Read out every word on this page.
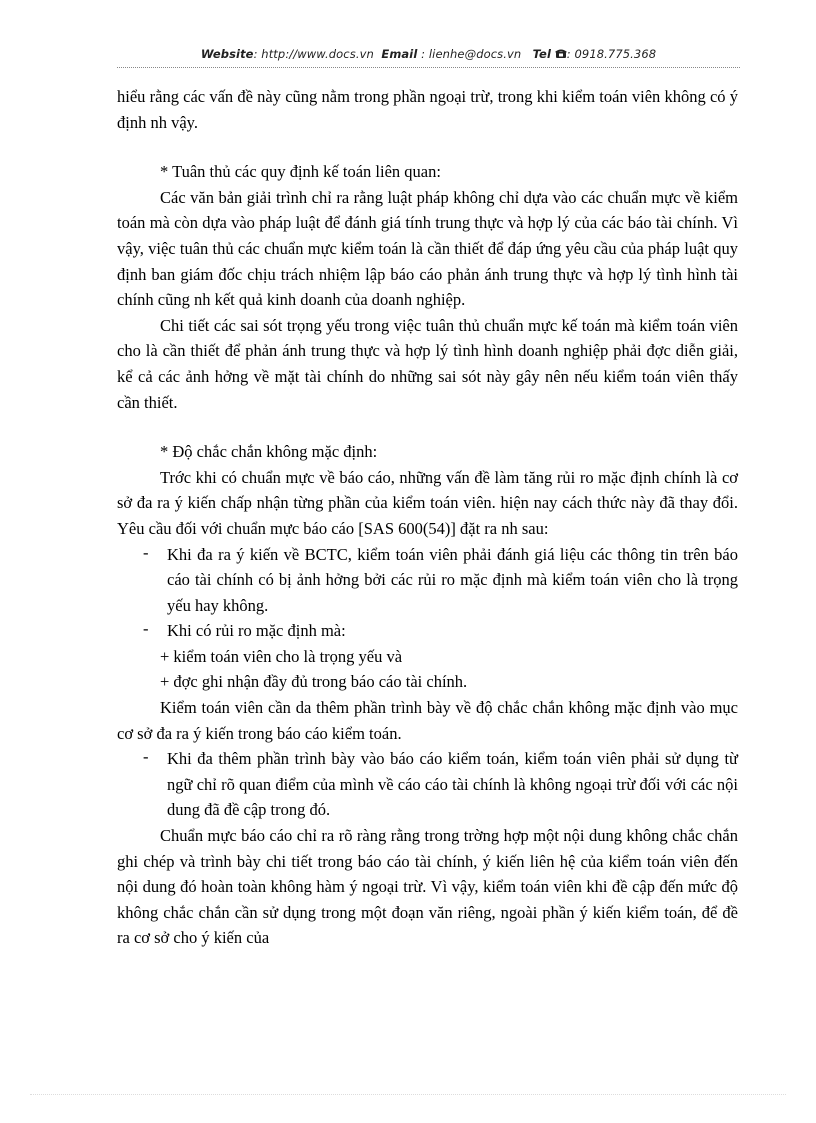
Website: http://www.docs.vn Email : lienhe@docs.vn Tel : 0918.775.368

hiểu rằng các vấn đề này cũng nằm trong phần ngoại trừ, trong khi kiểm toán viên không có ý định nh vậy.

* Tuân thủ các quy định kế toán liên quan:

Các văn bản giải trình chỉ ra rằng luật pháp không chỉ dựa vào các chuẩn mực về kiểm toán mà còn dựa vào pháp luật để đánh giá tính trung thực và hợp lý của các báo tài chính. Vì vậy, việc tuân thủ các chuẩn mực kiểm toán là cần thiết để đáp ứng yêu cầu của pháp luật quy định ban giám đốc chịu trách nhiệm lập báo cáo phản ánh trung thực và hợp lý tình hình tài chính cũng nh kết quả kinh doanh của doanh nghiệp.

Chi tiết các sai sót trọng yếu trong việc tuân thủ chuẩn mực kế toán mà kiểm toán viên cho là cần thiết để phản ánh trung thực và hợp lý tình hình doanh nghiệp phải đợc diễn giải, kể cả các ảnh hởng về mặt tài chính do những sai sót này gây nên nếu kiểm toán viên thấy cần thiết.

* Độ chắc chắn không mặc định:

Trớc khi có chuẩn mực về báo cáo, những vấn đề làm tăng rủi ro mặc định chính là cơ sở đa ra ý kiến chấp nhận từng phần của kiểm toán viên. hiện nay cách thức này đã thay đổi. Yêu cầu đối với chuẩn mực báo cáo [SAS 600(54)] đặt ra nh sau:

- Khi đa ra ý kiến về BCTC, kiểm toán viên phải đánh giá liệu các thông tin trên báo cáo tài chính có bị ảnh hởng bởi các rủi ro mặc định mà kiểm toán viên cho là trọng yếu hay không.

- Khi có rủi ro mặc định mà:

+ kiểm toán viên cho là trọng yếu và

+ đợc ghi nhận đầy đủ trong báo cáo tài chính.

Kiểm toán viên cần da thêm phần trình bày về độ chắc chắn không mặc định vào mục cơ sở đa ra ý kiến trong báo cáo kiểm toán.

- Khi đa thêm phần trình bày vào báo cáo kiểm toán, kiểm toán viên phải sử dụng từ ngữ chỉ rõ quan điểm của mình về cáo cáo tài chính là không ngoại trừ đối với các nội dung đã đề cập trong đó.

Chuẩn mực báo cáo chỉ ra rõ ràng rằng trong trờng hợp một nội dung không chắc chắn ghi chép và trình bày chi tiết trong báo cáo tài chính, ý kiến liên hệ của kiểm toán viên đến nội dung đó hoàn toàn không hàm ý ngoại trừ. Vì vậy, kiểm toán viên khi đề cập đến mức độ không chắc chắn cần sử dụng trong một đoạn văn riêng, ngoài phần ý kiến kiểm toán, để đề ra cơ sở cho ý kiến của
